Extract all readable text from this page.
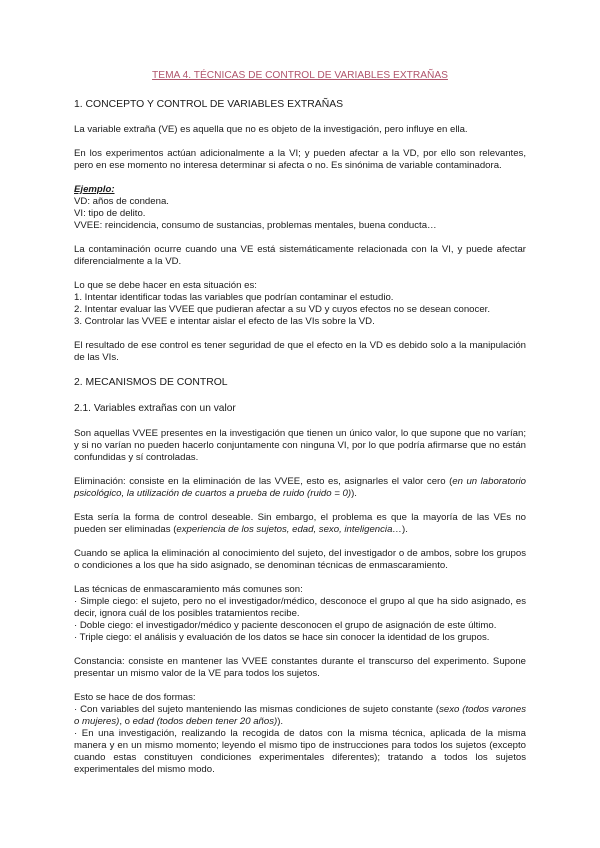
TEMA 4. TÉCNICAS DE CONTROL DE VARIABLES EXTRAÑAS
1. CONCEPTO Y CONTROL DE VARIABLES EXTRAÑAS

La variable extraña (VE) es aquella que no es objeto de la investigación, pero influye en ella.

En los experimentos actúan adicionalmente a la VI; y pueden afectar a la VD, por ello son relevantes, pero en ese momento no interesa determinar si afecta o no. Es sinónima de variable contaminadora.

Ejemplo:
VD: años de condena.
VI: tipo de delito.
VVEE: reincidencia, consumo de sustancias, problemas mentales, buena conducta…

La contaminación ocurre cuando una VE está sistemáticamente relacionada con la VI, y puede afectar diferencialmente a la VD.

Lo que se debe hacer en esta situación es:
1. Intentar identificar todas las variables que podrían contaminar el estudio.
2. Intentar evaluar las VVEE que pudieran afectar a su VD y cuyos efectos no se desean conocer.
3. Controlar las VVEE e intentar aislar el efecto de las VIs sobre la VD.

El resultado de ese control es tener seguridad de que el efecto en la VD es debido solo a la manipulación de las VIs.

2. MECANISMOS DE CONTROL
2.1. Variables extrañas con un valor

Son aquellas VVEE presentes en la investigación que tienen un único valor, lo que supone que no varían; y si no varían no pueden hacerlo conjuntamente con ninguna VI, por lo que podría afirmarse que no están confundidas y sí controladas.

Eliminación: consiste en la eliminación de las VVEE, esto es, asignarles el valor cero (en un laboratorio psicológico, la utilización de cuartos a prueba de ruido (ruido = 0)).

Esta sería la forma de control deseable. Sin embargo, el problema es que la mayoría de las VEs no pueden ser eliminadas (experiencia de los sujetos, edad, sexo, inteligencia…).

Cuando se aplica la eliminación al conocimiento del sujeto, del investigador o de ambos, sobre los grupos o condiciones a los que ha sido asignado, se denominan técnicas de enmascaramiento.

Las técnicas de enmascaramiento más comunes son:
· Simple ciego: el sujeto, pero no el investigador/médico, desconoce el grupo al que ha sido asignado, es decir, ignora cuál de los posibles tratamientos recibe.
· Doble ciego: el investigador/médico y paciente desconocen el grupo de asignación de este último.
· Triple ciego: el análisis y evaluación de los datos se hace sin conocer la identidad de los grupos.

Constancia: consiste en mantener las VVEE constantes durante el transcurso del experimento. Supone presentar un mismo valor de la VE para todos los sujetos.

Esto se hace de dos formas:
· Con variables del sujeto manteniendo las mismas condiciones de sujeto constante (sexo (todos varones o mujeres), o edad (todos deben tener 20 años)).
· En una investigación, realizando la recogida de datos con la misma técnica, aplicada de la misma manera y en un mismo momento; leyendo el mismo tipo de instrucciones para todos los sujetos (excepto cuando estas constituyen condiciones experimentales diferentes); tratando a todos los sujetos experimentales del mismo modo.
